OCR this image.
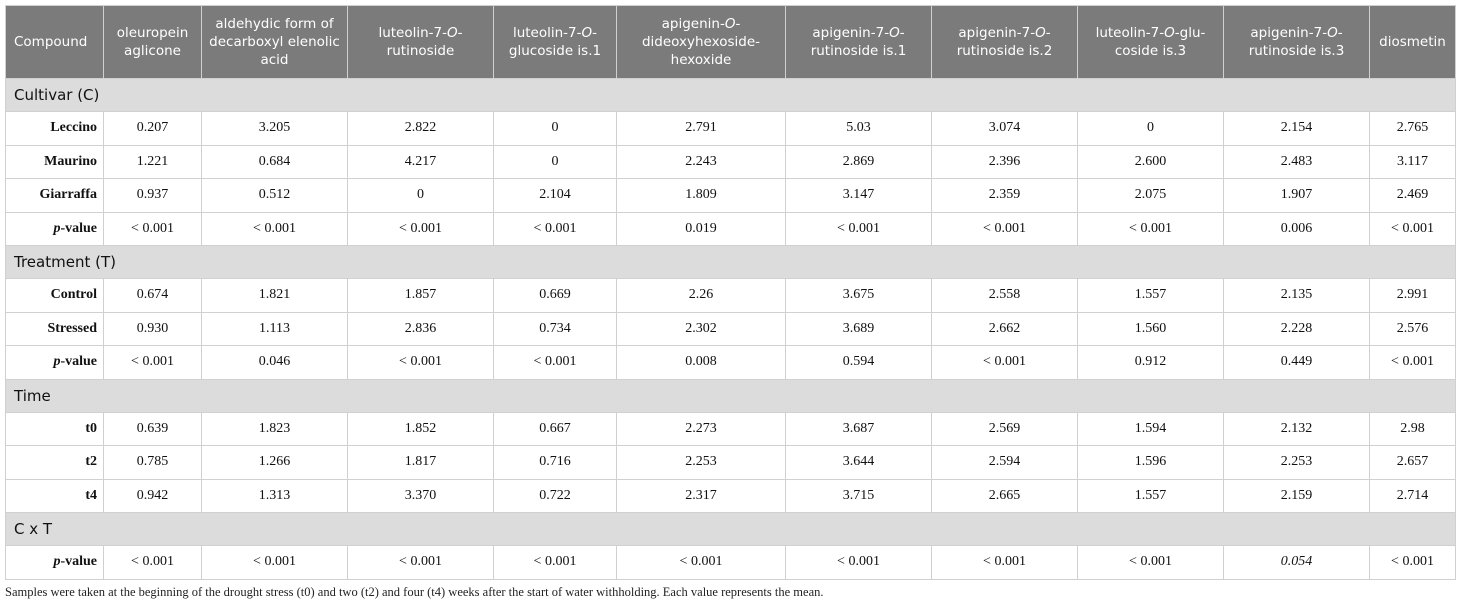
Compound	oleuropein aglicone	aldehydic form of decarboxyl elenolic acid	luteolin-7-O-rutinoside	luteolin-7-O-glucoside is.1	apigenin-O-dideoxyhexoside-hexoxide	apigenin-7-O-rutinoside is.1	apigenin-7-O-rutinoside is.2	luteolin-7-O-glu-coside is.3	apigenin-7-O-rutinoside is.3	diosmetin
Cultivar (C)										
Leccino	0.207	3.205	2.822	0	2.791	5.03	3.074	0	2.154	2.765
Maurino	1.221	0.684	4.217	0	2.243	2.869	2.396	2.600	2.483	3.117
Giarraffa	0.937	0.512	0	2.104	1.809	3.147	2.359	2.075	1.907	2.469
p-value	< 0.001	< 0.001	< 0.001	< 0.001	0.019	< 0.001	< 0.001	< 0.001	0.006	< 0.001
Treatment (T)										
Control	0.674	1.821	1.857	0.669	2.26	3.675	2.558	1.557	2.135	2.991
Stressed	0.930	1.113	2.836	0.734	2.302	3.689	2.662	1.560	2.228	2.576
p-value	< 0.001	0.046	< 0.001	< 0.001	0.008	0.594	< 0.001	0.912	0.449	< 0.001
Time										
t0	0.639	1.823	1.852	0.667	2.273	3.687	2.569	1.594	2.132	2.98
t2	0.785	1.266	1.817	0.716	2.253	3.644	2.594	1.596	2.253	2.657
t4	0.942	1.313	3.370	0.722	2.317	3.715	2.665	1.557	2.159	2.714
C x T										
p-value	< 0.001	< 0.001	< 0.001	< 0.001	< 0.001	< 0.001	< 0.001	< 0.001	0.054	< 0.001
Samples were taken at the beginning of the drought stress (t0) and two (t2) and four (t4) weeks after the start of water withholding. Each value represents the mean.
